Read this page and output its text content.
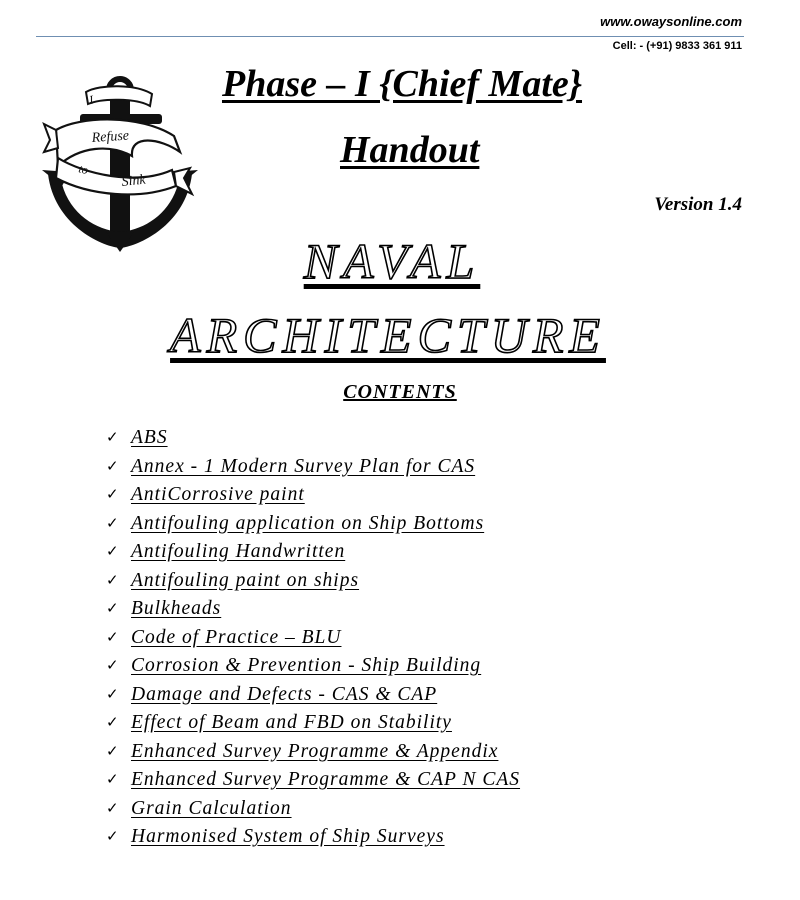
www.owaysonline.com
Cell: - (+91) 9833 361 911
I
Refuse
to
Sink
Phase – I {Chief Mate}
Handout
Version 1.4
NAVAL
ARCHITECTURE
CONTENTS
✓ ABS
✓ Annex - 1 Modern Survey Plan for CAS
✓ AntiCorrosive paint
✓ Antifouling application on Ship Bottoms
✓ Antifouling Handwritten
✓ Antifouling paint on ships
✓ Bulkheads
✓ Code of Practice – BLU
✓ Corrosion & Prevention - Ship Building
✓ Damage and Defects - CAS & CAP
✓ Effect of Beam and FBD on Stability
✓ Enhanced Survey Programme & Appendix
✓ Enhanced Survey Programme & CAP N CAS
✓ Grain Calculation
✓ Harmonised System of Ship Surveys
